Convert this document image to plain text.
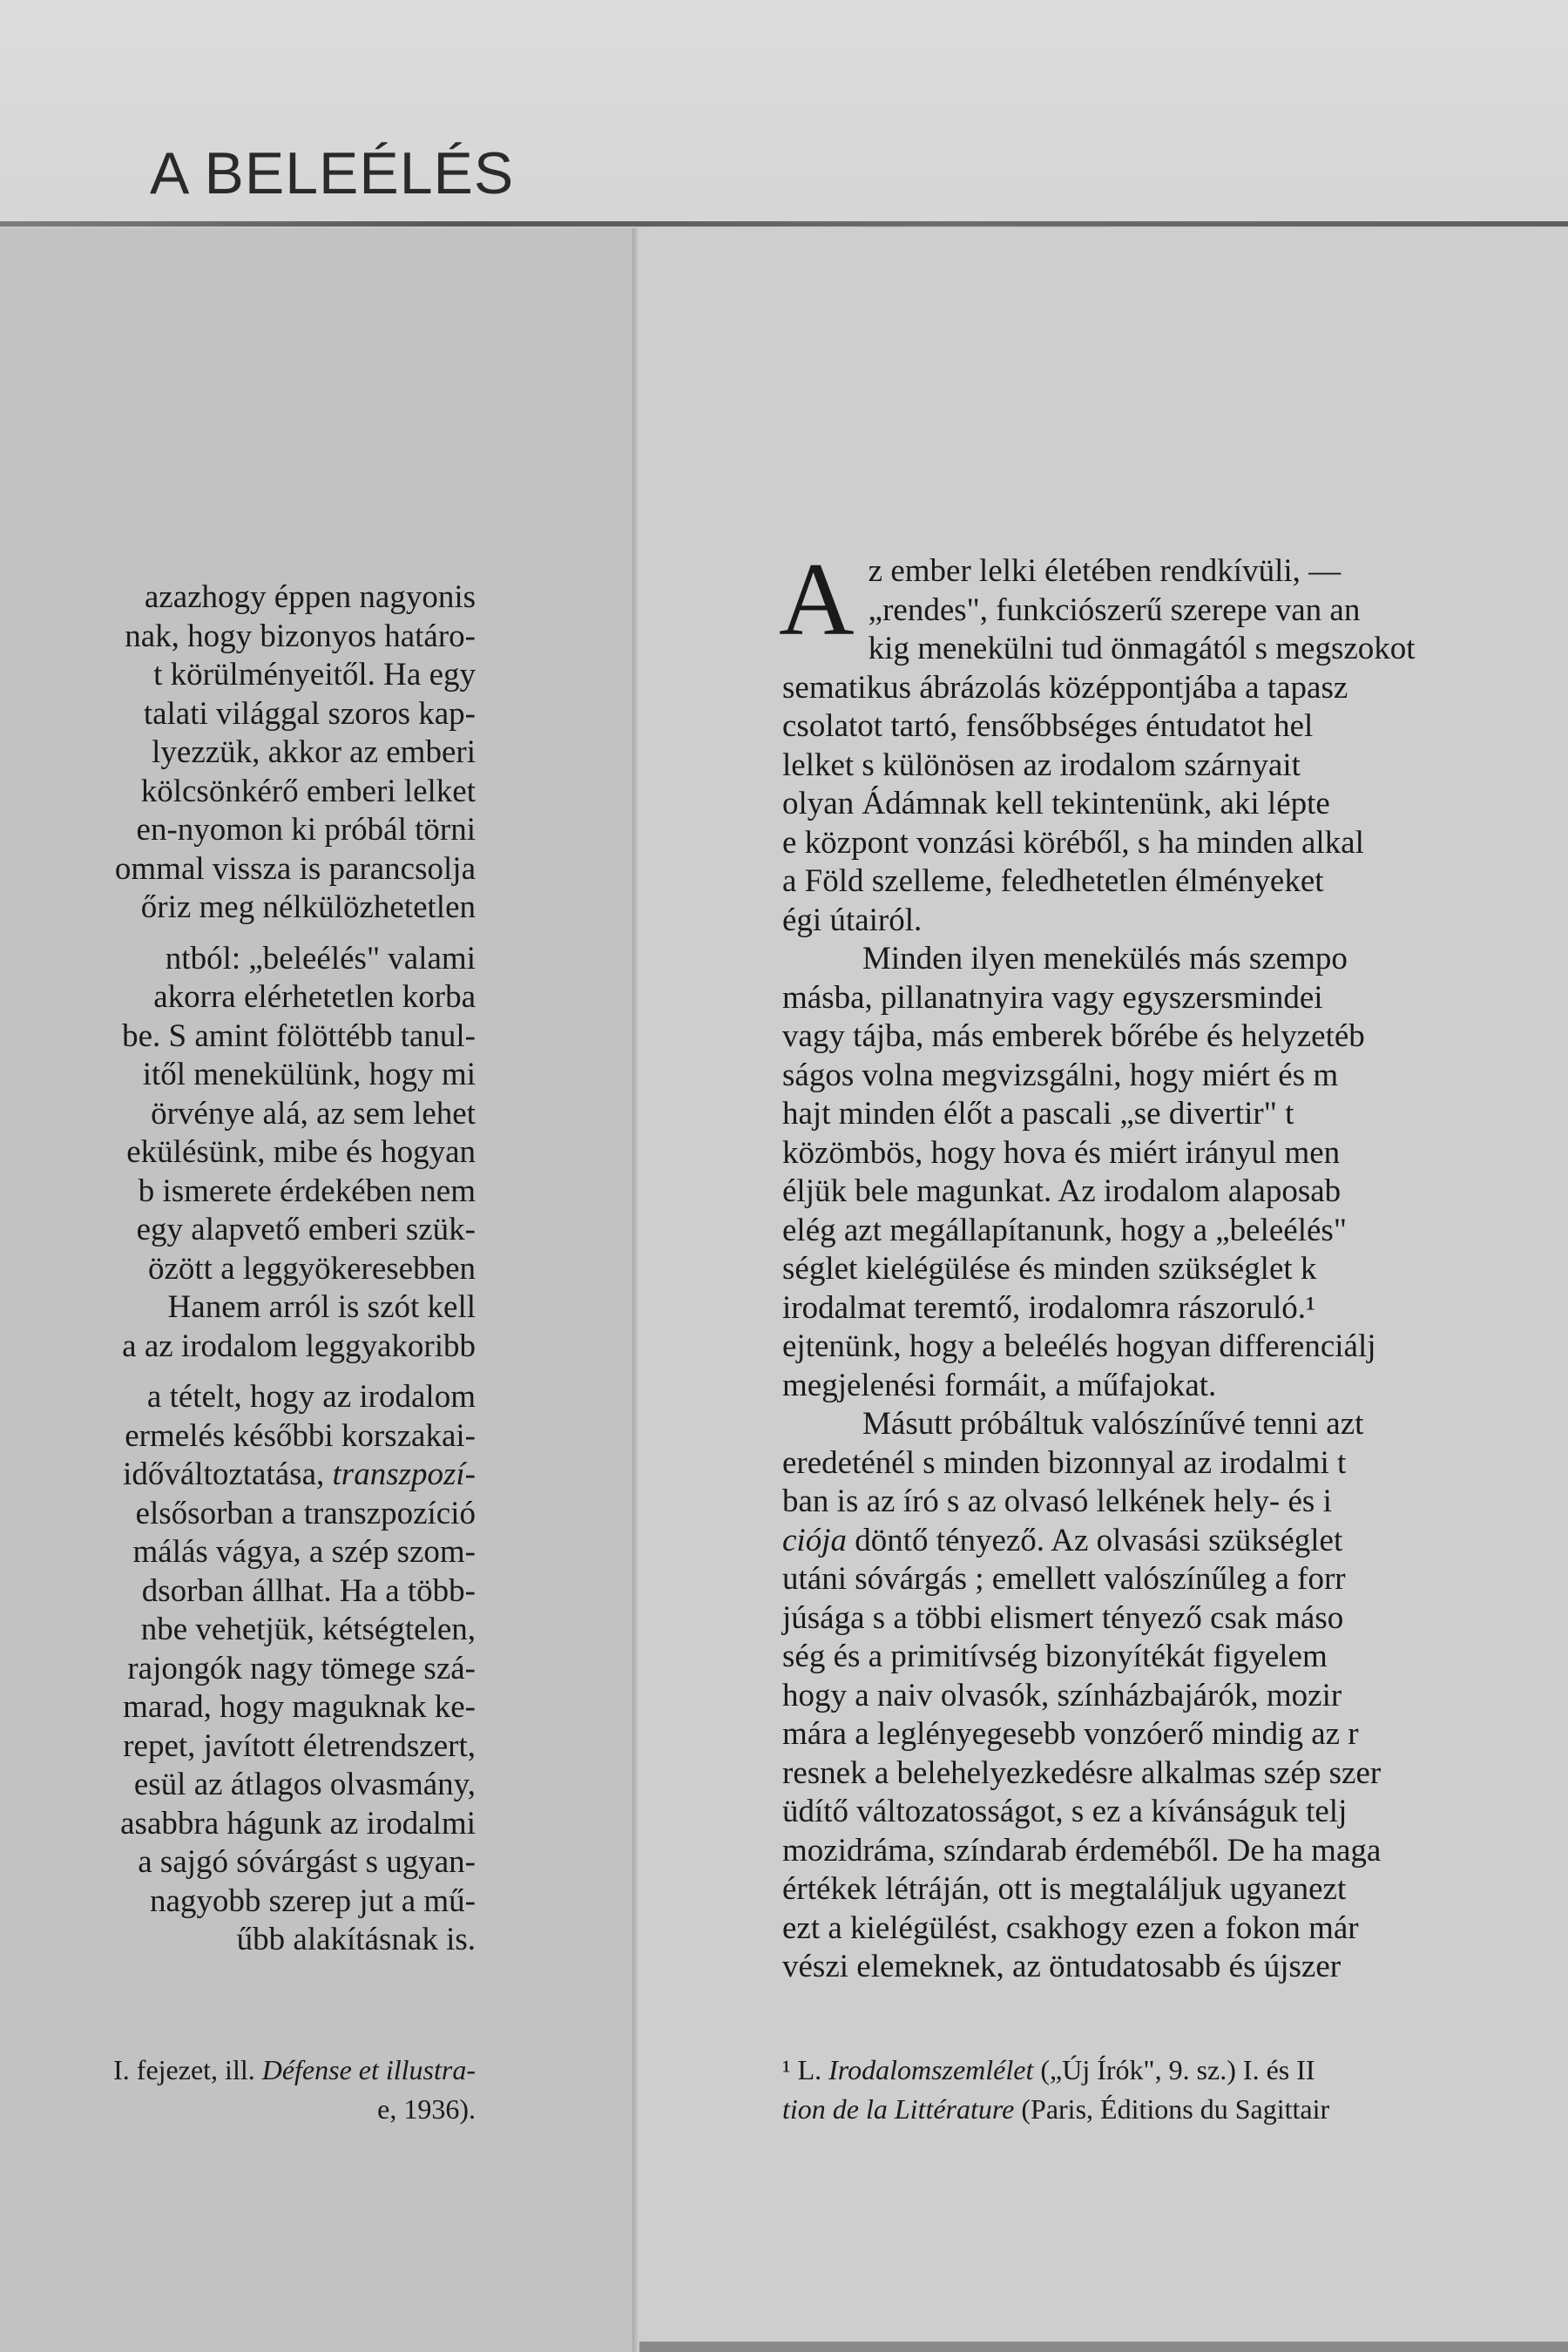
A BELEÉLÉS
azazhogy éppen nagyonis
nak, hogy bizonyos határo-
t körülményeitől. Ha egy
talati világgal szoros kap-
lyezzük, akkor az emberi
kölcsönkérő emberi lelket
en-nyomon ki próbál törni
ommal vissza is parancsolja
őriz meg nélkülözhetetlen
ntból: „beleélés" valami
akorra elérhetetlen korba
be. S amint fölöttébb tanul-
itől menekülünk, hogy mi
örvénye alá, az sem lehet
ekülésünk, mibe és hogyan
b ismerete érdekében nem
egy alapvető emberi szük-
özött a leggyökeresebben
Hanem arról is szót kell
a az irodalom leggyakoribb
a tételt, hogy az irodalom
ermelés későbbi korszakai-
időváltoztatása, transzpozí-
elsősorban a transzpozíció
málás vágya, a szép szom-
dsorban állhat. Ha a több-
nbe vehetjük, kétségtelen,
rajongók nagy tömege szá-
marad, hogy maguknak ke-
repet, javított életrendszert,
esül az átlagos olvasmány,
asabbra hágunk az irodalmi
a sajgó sóvárgást s ugyan-
nagyobb szerep jut a mű-
űbb alakításnak is.
I. fejezet, ill. Défense et illustra-
e, 1936).
A z ember lelki életében rendkívüli, —
„rendes", funkciószerű szerepe van an
kig menekülni tud önmagától s megszokot
sematikus ábrázolás középpontjába a tapasz
csolatot tartó, fensőbbséges éntudatot hel
lelket s különösen az irodalom szárnyait
olyan Ádámnak kell tekintenünk, aki lépte
e központ vonzási köréből, s ha minden alkal
a Föld szelleme, feledhetetlen élményeket
égi útairól.
Minden ilyen menekülés más szempo
másba, pillanatnyira vagy egyszersmindei
vagy tájba, más emberek bőrébe és helyzetéb
ságos volna megvizsgálni, hogy miért és m
hajt minden élőt a pascali „se divertir" t
közömbös, hogy hova és miért irányul men
éljük bele magunkat. Az irodalom alaposab
elég azt megállapítanunk, hogy a „beleélés"
séglet kielégülése és minden szükséglet k
irodalmat teremtő, irodalomra rászoruló.¹
ejtenünk, hogy a beleélés hogyan differenciálj
megjelenési formáit, a műfajokat.
Másutt próbáltuk valószínűvé tenni azt
eredeténél s minden bizonnyal az irodalmi t
ban is az író s az olvasó lelkének hely- és i
ciója döntő tényező. Az olvasási szükséglet
utáni sóvárgás ; emellett valószínűleg a forr
júsága s a többi elismert tényező csak máso
ség és a primitívség bizonyítékát figyelem
hogy a naiv olvasók, színházbajárók, mozir
mára a leglényegesebb vonzóerő mindig az r
resnek a belehelyezkedésre alkalmas szép szer
üdítő változatosságot, s ez a kívánságuk telj
mozidráma, színdarab érdeméből. De ha maga
értékek létráján, ott is megtaláljuk ugyanezt
ezt a kielégülést, csakhogy ezen a fokon már
vészi elemeknek, az öntudatosabb és újszer
¹ L. Irodalomszemlélet („Új Írók", 9. sz.) I. és II
tion de la Littérature (Paris, Éditions du Sagittair
